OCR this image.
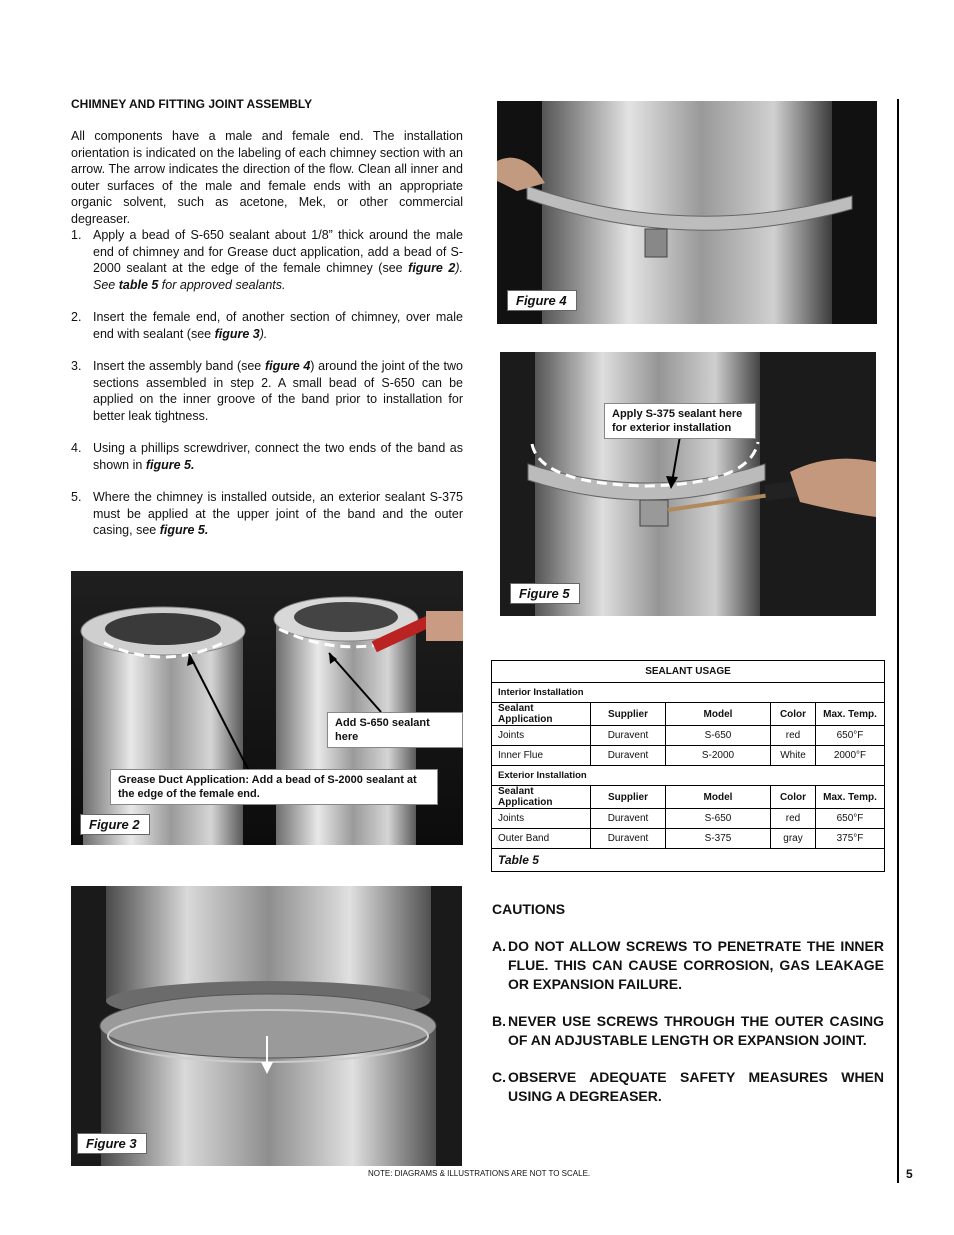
CHIMNEY AND FITTING JOINT ASSEMBLY
All components have a male and female end. The installation orientation is indicated on the labeling of each chimney section with an arrow. The arrow indicates the direction of the flow. Clean all inner and outer surfaces of the male and female ends with an appropriate organic solvent, such as acetone, Mek, or other commercial degreaser.
1. Apply a bead of S-650 sealant about 1/8” thick around the male end of chimney and for Grease duct application, add a bead of S-2000 sealant at the edge of the female chimney (see figure 2). See table 5 for approved sealants.
2. Insert the female end, of another section of chimney, over male end with sealant (see figure 3).
3. Insert the assembly band (see figure 4) around the joint of the two sections assembled in step 2. A small bead of S-650 can be applied on the inner groove of the band prior to installation for better leak tightness.
4. Using a phillips screwdriver, connect the two ends of the band as shown in figure 5.
5. Where the chimney is installed outside, an exterior sealant S-375 must be applied at the upper joint of the band and the outer casing, see figure 5.
Add S-650 sealant here
Grease Duct Application: Add a bead of S-2000 sealant at the edge of the female end.
Figure 2
Figure 3
Figure 4
Apply S-375 sealant here for exterior installation
Figure 5
SEALANT USAGE				
Interior Installation				
Sealant Application	Supplier	Model	Color	Max. Temp.
Joints	Duravent	S-650	red	650°F
Inner Flue	Duravent	S-2000	White	2000°F
Exterior Installation				
Sealant Application	Supplier	Model	Color	Max. Temp.
Joints	Duravent	S-650	red	650°F
Outer Band	Duravent	S-375	gray	375°F
Table 5				
CAUTIONS
A. DO NOT ALLOW SCREWS TO PENETRATE THE INNER FLUE. THIS CAN CAUSE CORROSION, GAS LEAKAGE OR EXPANSION FAILURE.
B. NEVER USE SCREWS THROUGH THE OUTER CASING OF AN ADJUSTABLE LENGTH OR EXPANSION JOINT.
C. OBSERVE ADEQUATE SAFETY MEASURES WHEN USING A DEGREASER.
NOTE: DIAGRAMS & ILLUSTRATIONS ARE NOT TO SCALE.	5
